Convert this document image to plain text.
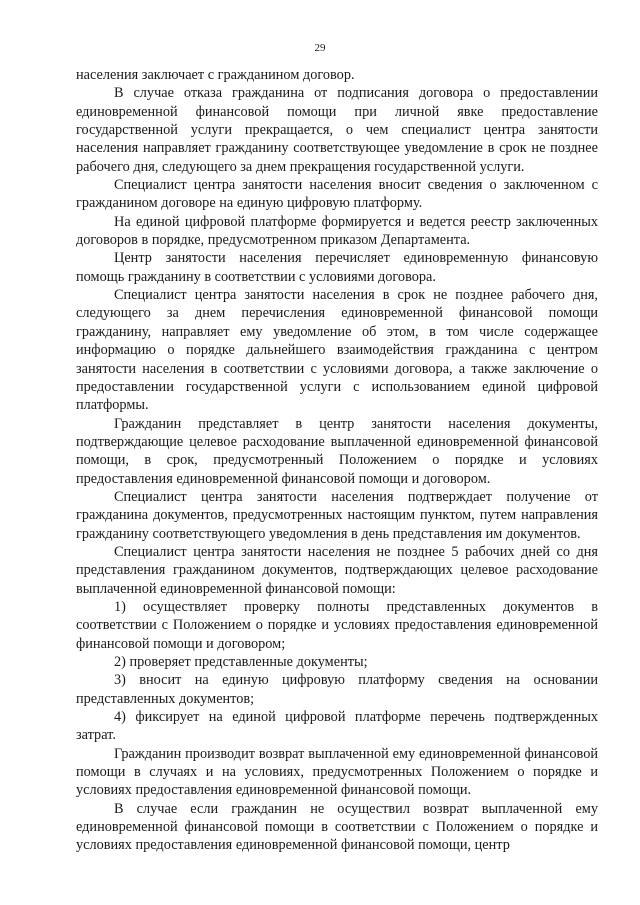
29

населения заключает с гражданином договор.

В случае отказа гражданина от подписания договора о предоставлении единовременной финансовой помощи при личной явке предоставление государственной услуги прекращается, о чем специалист центра занятости населения направляет гражданину соответствующее уведомление в срок не позднее рабочего дня, следующего за днем прекращения государственной услуги.

Специалист центра занятости населения вносит сведения о заключенном с гражданином договоре на единую цифровую платформу.

На единой цифровой платформе формируется и ведется реестр заключенных договоров в порядке, предусмотренном приказом Департамента.

Центр занятости населения перечисляет единовременную финансовую помощь гражданину в соответствии с условиями договора.

Специалист центра занятости населения в срок не позднее рабочего дня, следующего за днем перечисления единовременной финансовой помощи гражданину, направляет ему уведомление об этом, в том числе содержащее информацию о порядке дальнейшего взаимодействия гражданина с центром занятости населения в соответствии с условиями договора, а также заключение о предоставлении государственной услуги с использованием единой цифровой платформы.

Гражданин представляет в центр занятости населения документы, подтверждающие целевое расходование выплаченной единовременной финансовой помощи, в срок, предусмотренный Положением о порядке и условиях предоставления единовременной финансовой помощи и договором.

Специалист центра занятости населения подтверждает получение от гражданина документов, предусмотренных настоящим пунктом, путем направления гражданину соответствующего уведомления в день представления им документов.

Специалист центра занятости населения не позднее 5 рабочих дней со дня представления гражданином документов, подтверждающих целевое расходование выплаченной единовременной финансовой помощи:

1) осуществляет проверку полноты представленных документов в соответствии с Положением о порядке и условиях предоставления единовременной финансовой помощи и договором;

2) проверяет представленные документы;

3) вносит на единую цифровую платформу сведения на основании представленных документов;

4) фиксирует на единой цифровой платформе перечень подтвержденных затрат.

Гражданин производит возврат выплаченной ему единовременной финансовой помощи в случаях и на условиях, предусмотренных Положением о порядке и условиях предоставления единовременной финансовой помощи.

В случае если гражданин не осуществил возврат выплаченной ему единовременной финансовой помощи в соответствии с Положением о порядке и условиях предоставления единовременной финансовой помощи, центр
